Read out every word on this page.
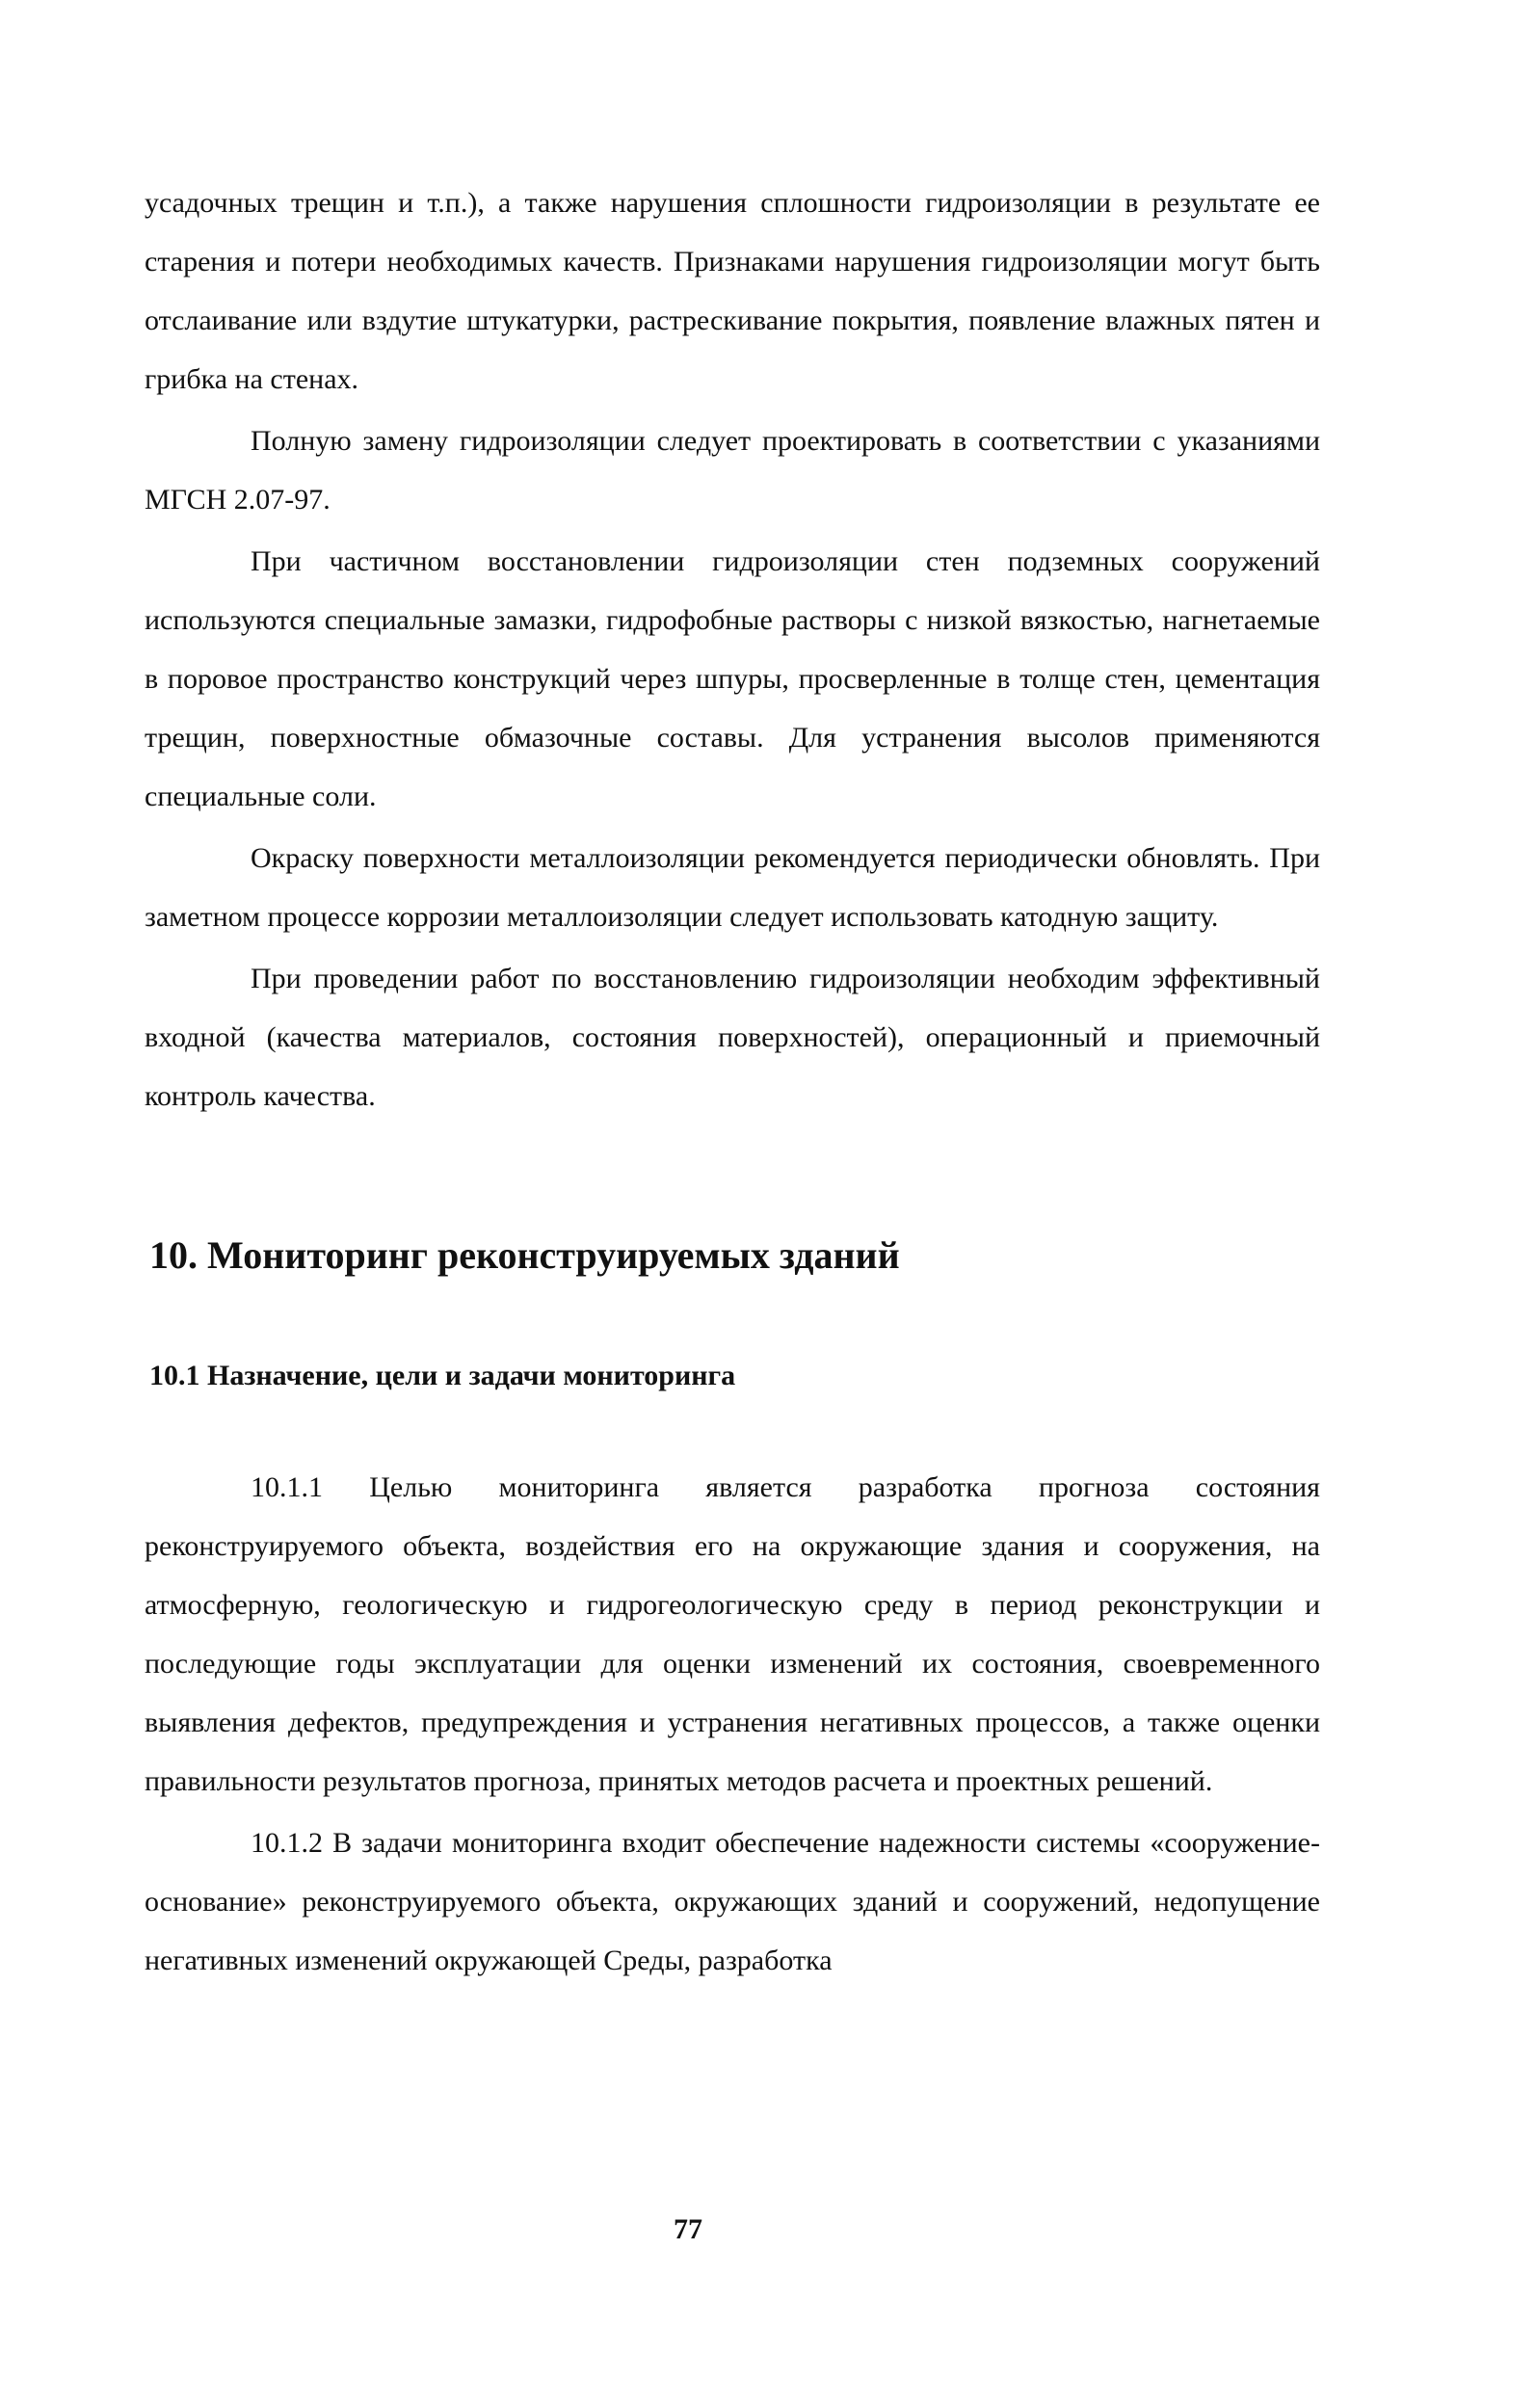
усадочных трещин и т.п.), а также нарушения сплошности гидроизоляции в результате ее старения и потери необходимых качеств. Признаками нарушения гидроизоляции могут быть отслаивание или вздутие штукатурки, растрескивание покрытия, появление влажных пятен и грибка на стенах.

Полную замену гидроизоляции следует проектировать в соответствии с указаниями МГСН 2.07-97.

При частичном восстановлении гидроизоляции стен подземных сооружений используются специальные замазки, гидрофобные растворы с низкой вязкостью, нагнетаемые в поровое пространство конструкций через шпуры, просверленные в толще стен, цементация трещин, поверхностные обмазочные составы. Для устранения высолов применяются специальные соли.

Окраску поверхности металлоизоляции рекомендуется периодически обновлять. При заметном процессе коррозии металлоизоляции следует использовать катодную защиту.

При проведении работ по восстановлению гидроизоляции необходим эффективный входной (качества материалов, состояния поверхностей), операционный и приемочный контроль качества.

10. Мониторинг реконструируемых зданий
10.1 Назначение, цели и задачи мониторинга

10.1.1 Целью мониторинга является разработка прогноза состояния реконструируемого объекта, воздействия его на окружающие здания и сооружения, на атмосферную, геологическую и гидрогеологическую среду в период реконструкции и последующие годы эксплуатации для оценки изменений их состояния, своевременного выявления дефектов, предупреждения и устранения негативных процессов, а также оценки правильности результатов прогноза, принятых методов расчета и проектных решений.

10.1.2 В задачи мониторинга входит обеспечение надежности системы «сооружение-основание» реконструируемого объекта, окружающих зданий и сооружений, недопущение негативных изменений окружающей Среды, разработка

77
